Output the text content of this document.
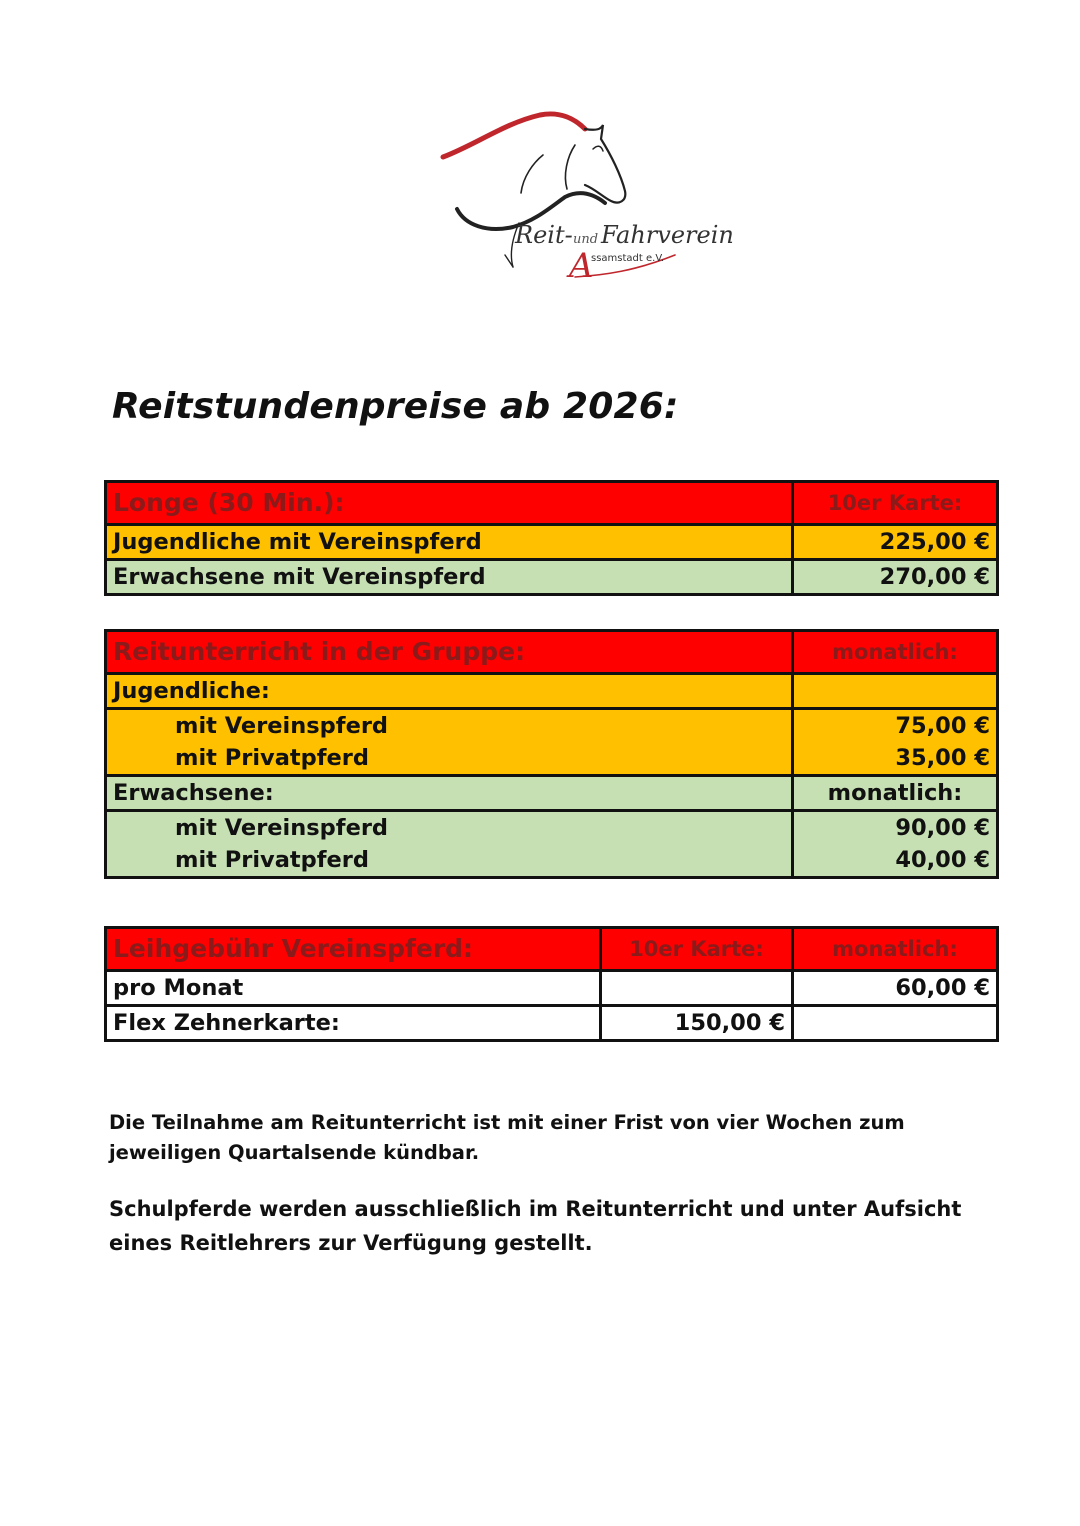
Reit- und Fahrverein
A
ssamstadt e.V.
Reitstundenpreise ab 2026:
Longe (30 Min.):	10er Karte:
Jugendliche mit Vereinspferd	225,00 €
Erwachsene mit Vereinspferd	270,00 €
Reitunterricht in der Gruppe:	monatlich:
Jugendliche:	
mit Vereinspferd	75,00 €
mit Privatpferd	35,00 €
Erwachsene:	monatlich:
mit Vereinspferd	90,00 €
mit Privatpferd	40,00 €
Leihgebühr Vereinspferd:	10er Karte:	monatlich:
pro Monat		60,00 €
Flex Zehnerkarte:	150,00 €	
Die Teilnahme am Reitunterricht ist mit einer Frist von vier Wochen zum jeweiligen Quartalsende kündbar.
Schulpferde werden ausschließlich im Reitunterricht und unter Aufsicht eines Reitlehrers zur Verfügung gestellt.
